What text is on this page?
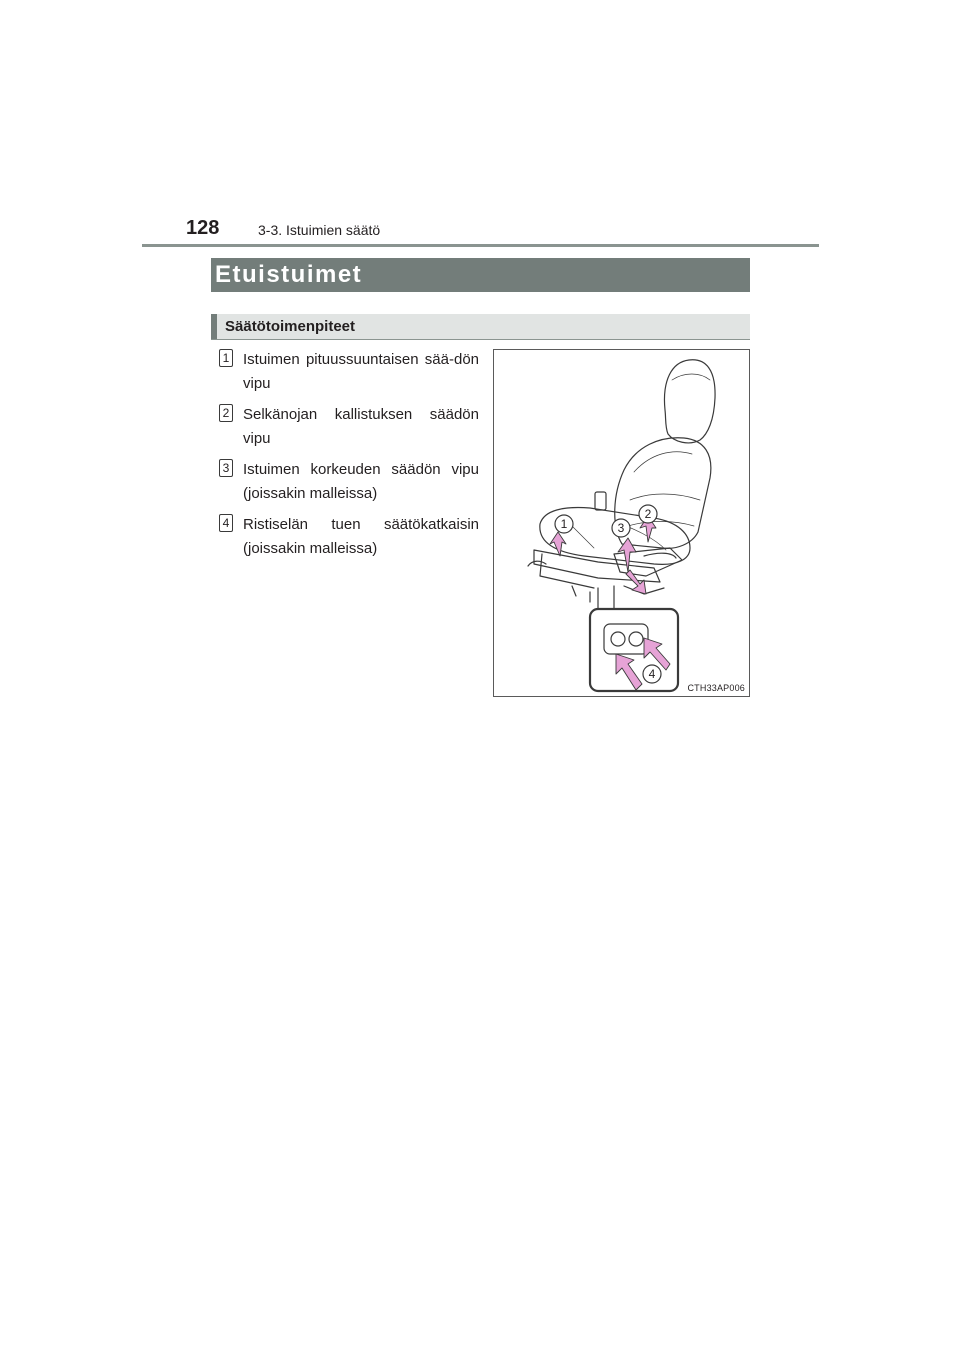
128	3-3. Istuimien säätö
Etuistuimet
Säätötoimenpiteet
1 Istuimen pituussuuntaisen sää-dön vipu
2 Selkänojan kallistuksen säädön vipu
3 Istuimen korkeuden säädön vipu (joissakin malleissa)
4 Ristiselän tuen säätökatkaisin (joissakin malleissa)
1	3
2
4
CTH33AP006
